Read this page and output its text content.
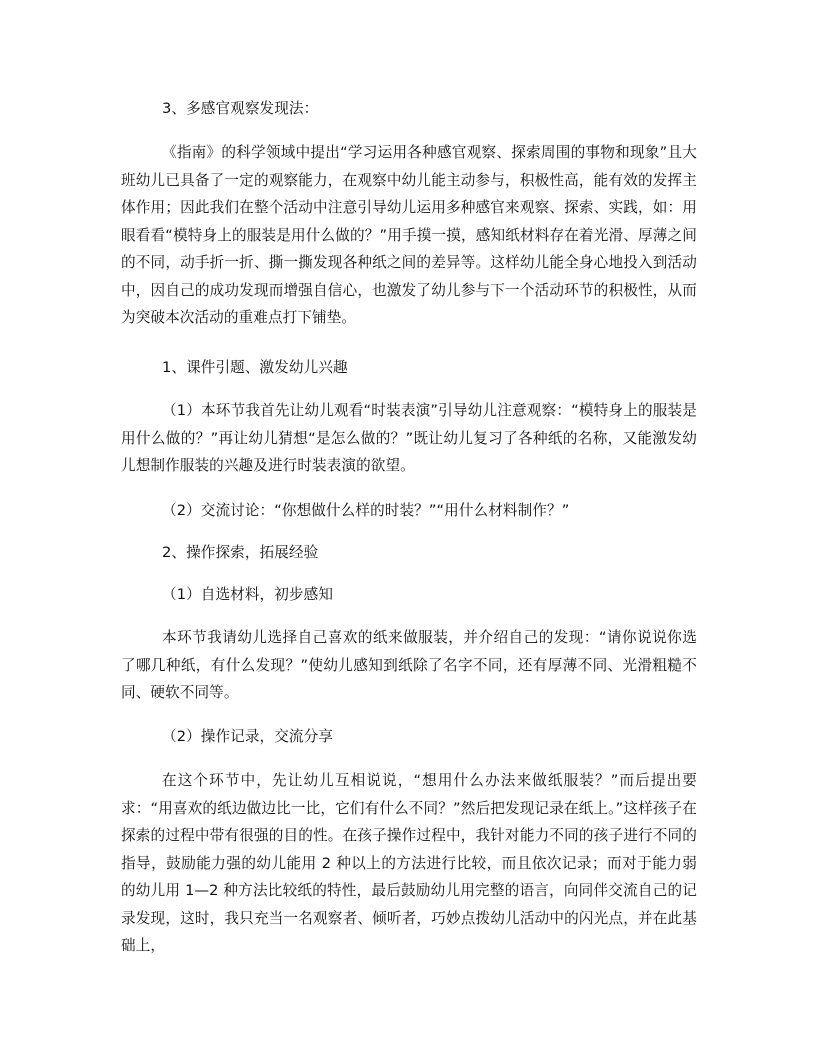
3、多感官观察发现法：

《指南》的科学领域中提出“学习运用各种感官观察、探索周围的事物和现象”且大班幼儿已具备了一定的观察能力，在观察中幼儿能主动参与，积极性高，能有效的发挥主体作用；因此我们在整个活动中注意引导幼儿运用多种感官来观察、探索、实践，如：用眼看看“模特身上的服装是用什么做的？”用手摸一摸，感知纸材料存在着光滑、厚薄之间的不同，动手折一折、撕一撕发现各种纸之间的差异等。这样幼儿能全身心地投入到活动中，因自己的成功发现而增强自信心，也激发了幼儿参与下一个活动环节的积极性，从而为突破本次活动的重难点打下铺垫。

1、课件引题、激发幼儿兴趣

（1）本环节我首先让幼儿观看“时装表演”引导幼儿注意观察：“模特身上的服装是用什么做的？”再让幼儿猜想“是怎么做的？”既让幼儿复习了各种纸的名称，又能激发幼儿想制作服装的兴趣及进行时装表演的欲望。

（2）交流讨论：“你想做什么样的时装？”“用什么材料制作？”

2、操作探索，拓展经验

（1）自选材料，初步感知

本环节我请幼儿选择自己喜欢的纸来做服装，并介绍自己的发现：“请你说说你选了哪几种纸，有什么发现？”使幼儿感知到纸除了名字不同，还有厚薄不同、光滑粗糙不同、硬软不同等。

（2）操作记录，交流分享

在这个环节中，先让幼儿互相说说，“想用什么办法来做纸服装？”而后提出要求：“用喜欢的纸边做边比一比，它们有什么不同？”然后把发现记录在纸上。”这样孩子在探索的过程中带有很强的目的性。在孩子操作过程中，我针对能力不同的孩子进行不同的指导，鼓励能力强的幼儿能用 2 种以上的方法进行比较，而且依次记录；而对于能力弱的幼儿用 1—2 种方法比较纸的特性，最后鼓励幼儿用完整的语言，向同伴交流自己的记录发现，这时，我只充当一名观察者、倾听者，巧妙点拨幼儿活动中的闪光点，并在此基础上，
